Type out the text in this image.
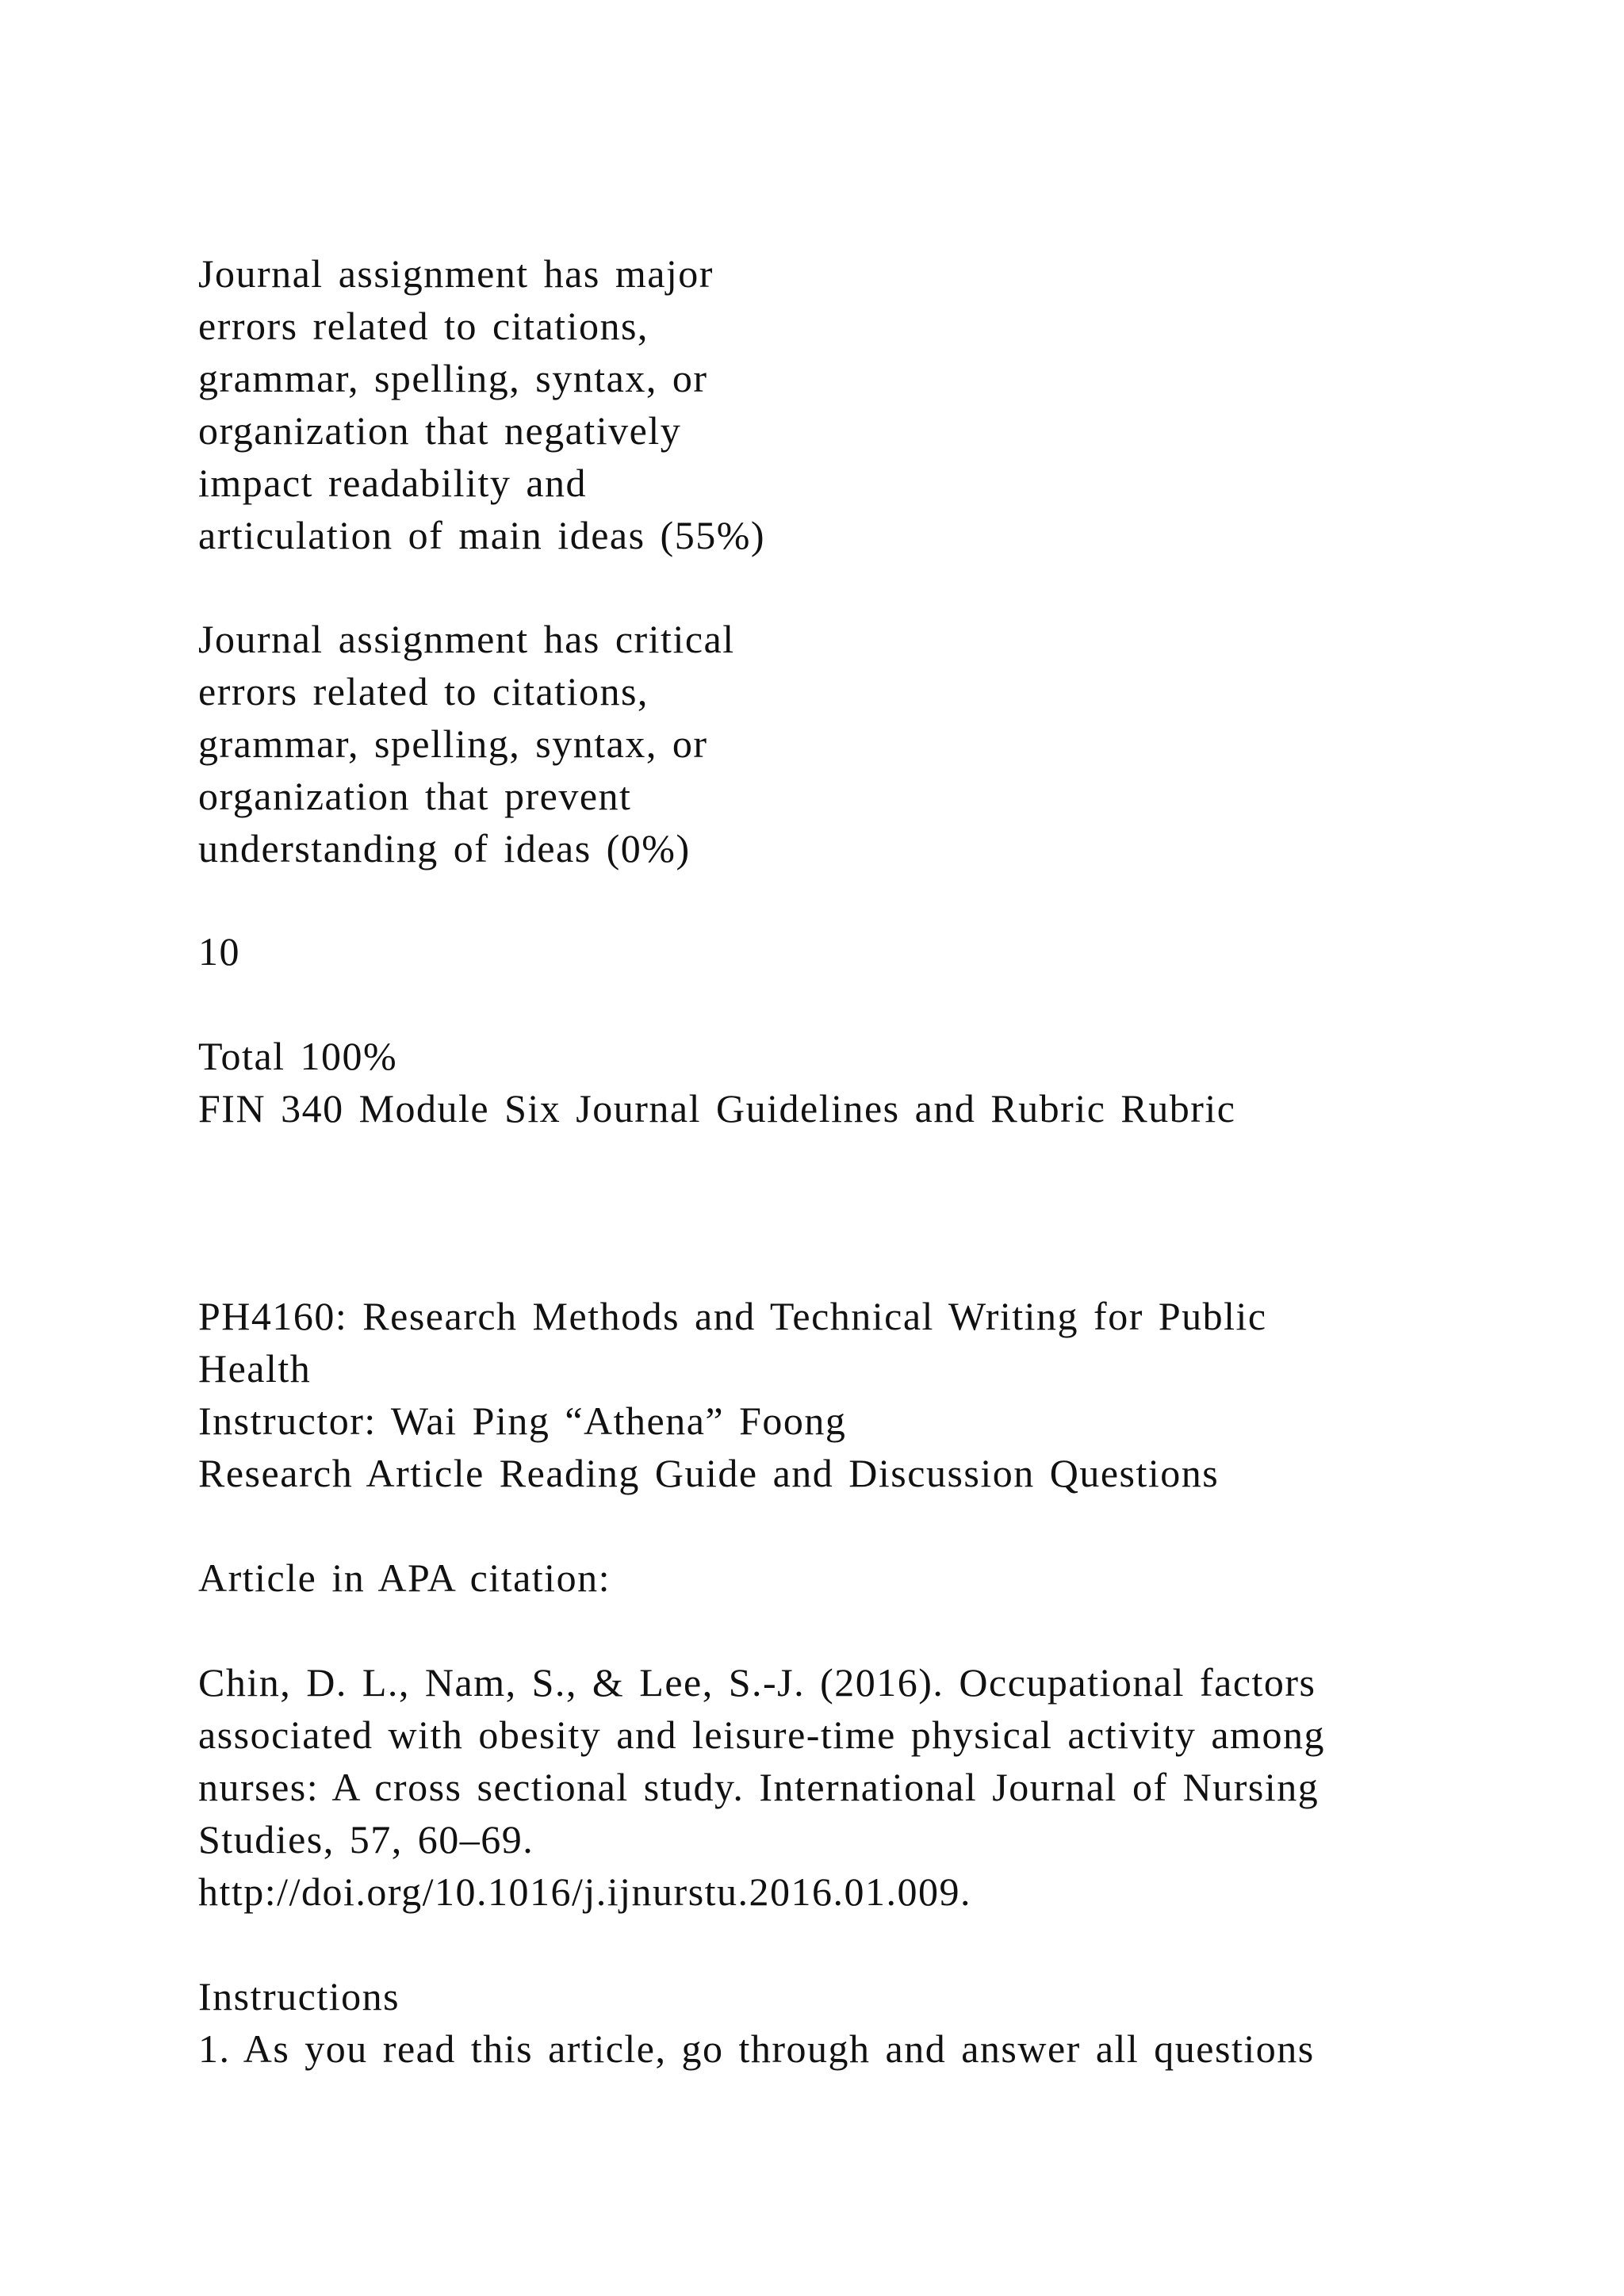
Journal assignment has major
errors related to citations,
grammar, spelling, syntax, or
organization that negatively
impact readability and
articulation of main ideas (55%)
Journal assignment has critical
errors related to citations,
grammar, spelling, syntax, or
organization that prevent
understanding of ideas (0%)
10
Total 100%
FIN 340 Module Six Journal Guidelines and Rubric Rubric
PH4160: Research Methods and Technical Writing for Public
Health
Instructor: Wai Ping “Athena” Foong
Research Article Reading Guide and Discussion Questions
Article in APA citation:
Chin, D. L., Nam, S., & Lee, S.-J. (2016). Occupational factors
associated with obesity and leisure-time physical activity among
nurses: A cross sectional study. International Journal of Nursing
Studies, 57, 60–69.
http://doi.org/10.1016/j.ijnurstu.2016.01.009.
Instructions
1. As you read this article, go through and answer all questions
